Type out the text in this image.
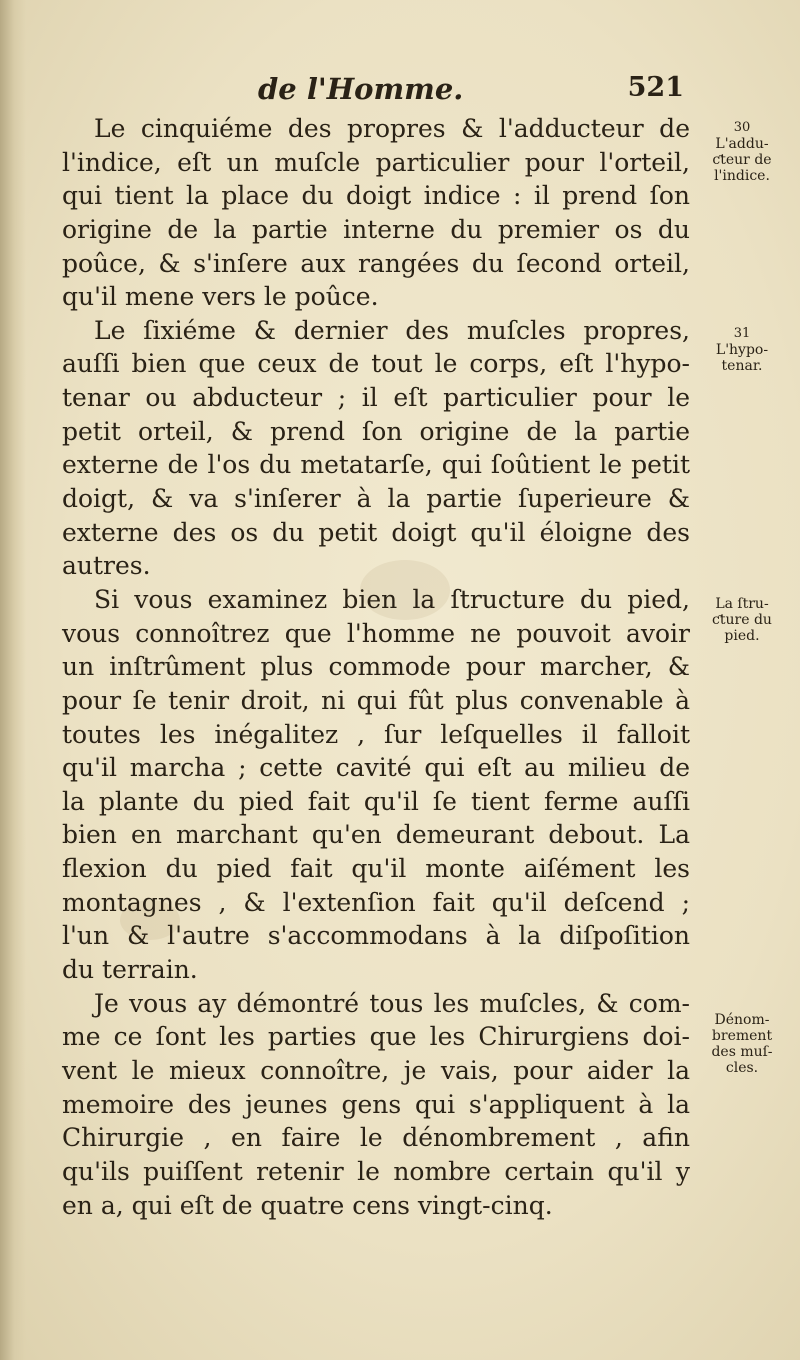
de l'Homme.	521
Le cinquiéme des propres & l'adducteur de
l'indice, eſt un muſcle particulier pour l'orteil,
qui tient la place du doigt indice : il prend ſon
origine de la partie interne du premier os du
poûce, & s'inſere aux rangées du ſecond orteil,
qu'il mene vers le poûce.
Le ſixiéme & dernier des muſcles propres,
auſſi bien que ceux de tout le corps, eſt l'hypo-
tenar ou abducteur ; il eſt particulier pour le
petit orteil, & prend ſon origine de la partie
externe de l'os du metatarſe, qui ſoûtient le petit
doigt, & va s'inſerer à la partie ſuperieure &
externe des os du petit doigt qu'il éloigne des
autres.
Si vous examinez bien la ſtructure du pied,
vous connoîtrez que l'homme ne pouvoit avoir
un inſtrûment plus commode pour marcher, &
pour ſe tenir droit, ni qui fût plus convenable à
toutes les inégalitez , ſur leſquelles il falloit
qu'il marcha ; cette cavité qui eſt au milieu de
la plante du pied fait qu'il ſe tient ferme auſſi
bien en marchant qu'en demeurant debout. La
flexion du pied fait qu'il monte aiſément les
montagnes , & l'extenſion fait qu'il deſcend ;
l'un & l'autre s'accommodans à la diſpoſition
du terrain.
Je vous ay démontré tous les muſcles, & com-
me ce ſont les parties que les Chirurgiens doi-
vent le mieux connoître, je vais, pour aider la
memoire des jeunes gens qui s'appliquent à la
Chirurgie , en faire le dénombrement , afin
qu'ils puiſſent retenir le nombre certain qu'il y
en a, qui eſt de quatre cens vingt-cinq.
30
L'addu-
ƈteur de
l'indice.
31
L'hypo-
tenar.
La ſtru-
ƈture du
pied.
Dénom-
brement
des muſ-
cles.
